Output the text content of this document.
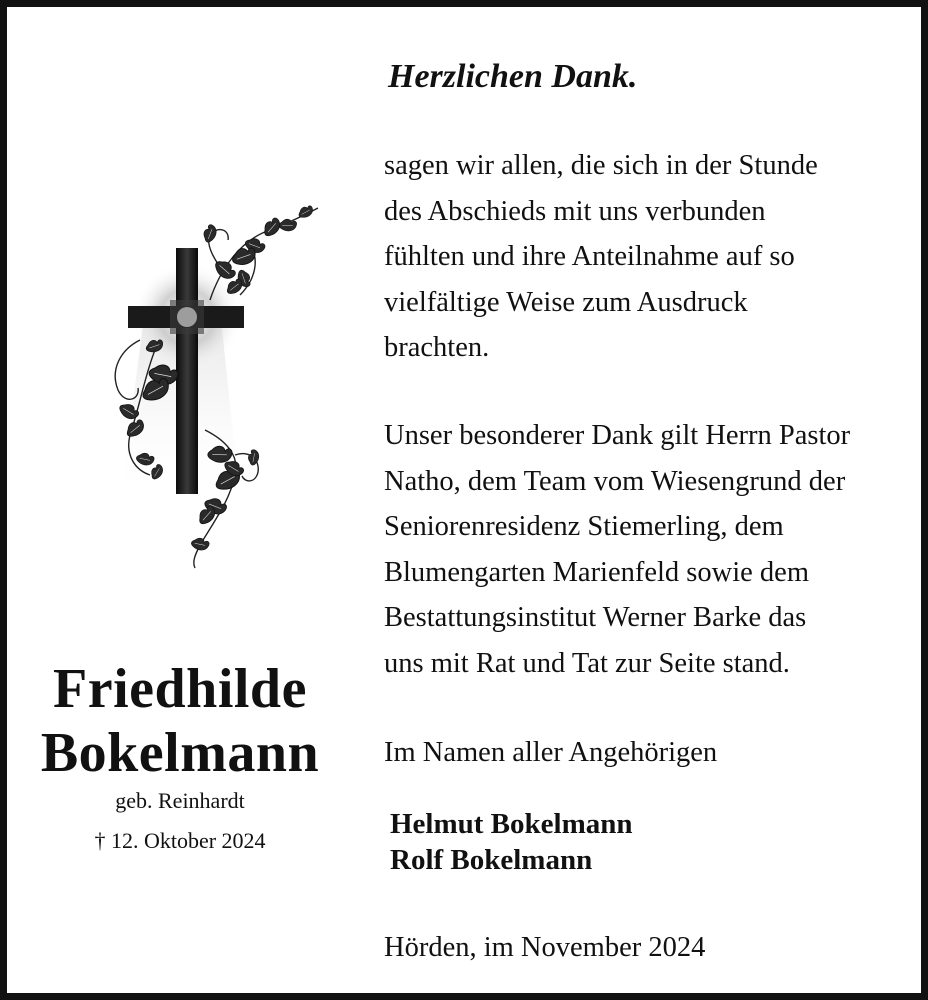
Friedhilde
Bokelmann
geb. Reinhardt
† 12. Oktober 2024
Herzlichen Dank.
sagen wir allen, die sich in der Stunde
des Abschieds mit uns verbunden
fühlten und ihre Anteilnahme auf so
vielfältige Weise zum Ausdruck
brachten.
Unser besonderer Dank gilt Herrn Pastor
Natho, dem Team vom Wiesengrund der
Seniorenresidenz Stiemerling, dem
Blumengarten Marienfeld sowie dem
Bestattungsinstitut Werner Barke das
uns mit Rat und Tat zur Seite stand.
Im Namen aller Angehörigen
Helmut Bokelmann
Rolf Bokelmann
Hörden, im November 2024
